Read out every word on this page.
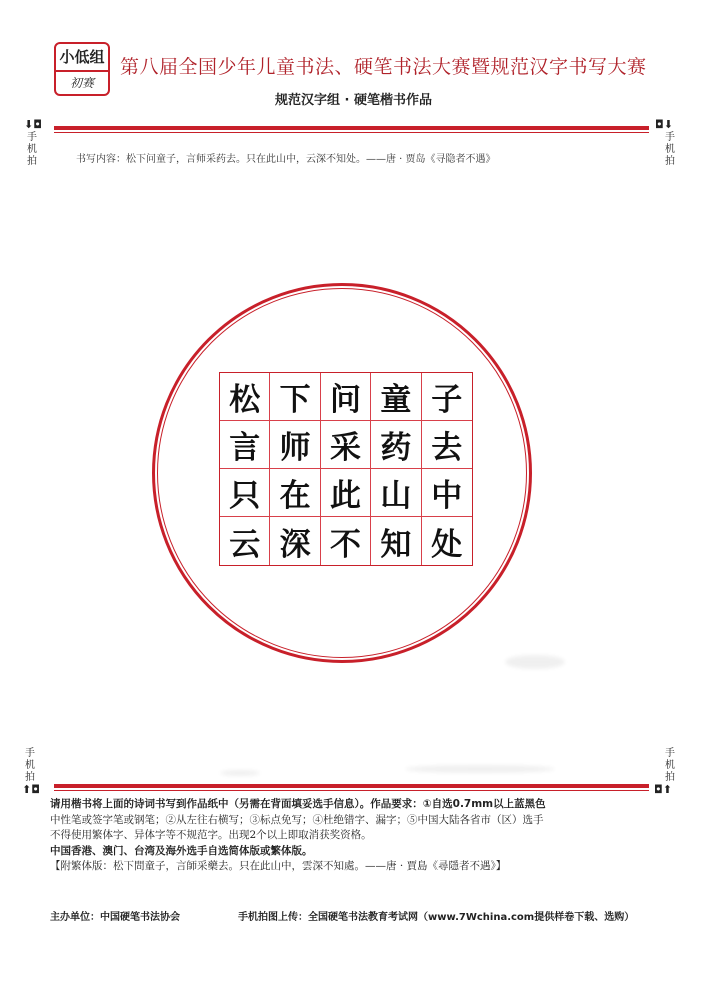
小低组
初赛
第八届全国少年儿童书法、硬笔书法大赛暨规范汉字书写大赛
规范汉字组 · 硬笔楷书作品
⬇◘
手机拍
◘⬇
手机拍
书写内容：松下问童子，言师采药去。只在此山中，云深不知处。——唐 · 贾岛《寻隐者不遇》
松 下 问 童 子
言 师 采 药 去
只 在 此 山 中
云 深 不 知 处
手机拍
⬆◘
手机拍
◘⬆
请用楷书将上面的诗词书写到作品纸中（另需在背面填妥选手信息）。作品要求：①自选0.7mm以上蓝黑色
中性笔或签字笔或钢笔；②从左往右横写；③标点免写；④杜绝错字、漏字；⑤中国大陆各省市（区）选手
不得使用繁体字、异体字等不规范字。出现2个以上即取消获奖资格。
中国香港、澳门、台湾及海外选手自选简体版或繁体版。
【附繁体版：松下問童子，言師采藥去。只在此山中，雲深不知處。——唐 · 賈島《尋隱者不遇》】
主办单位：中国硬笔书法协会	手机拍图上传：全国硬笔书法教育考试网（www.7Wchina.com提供样卷下载、选购）
